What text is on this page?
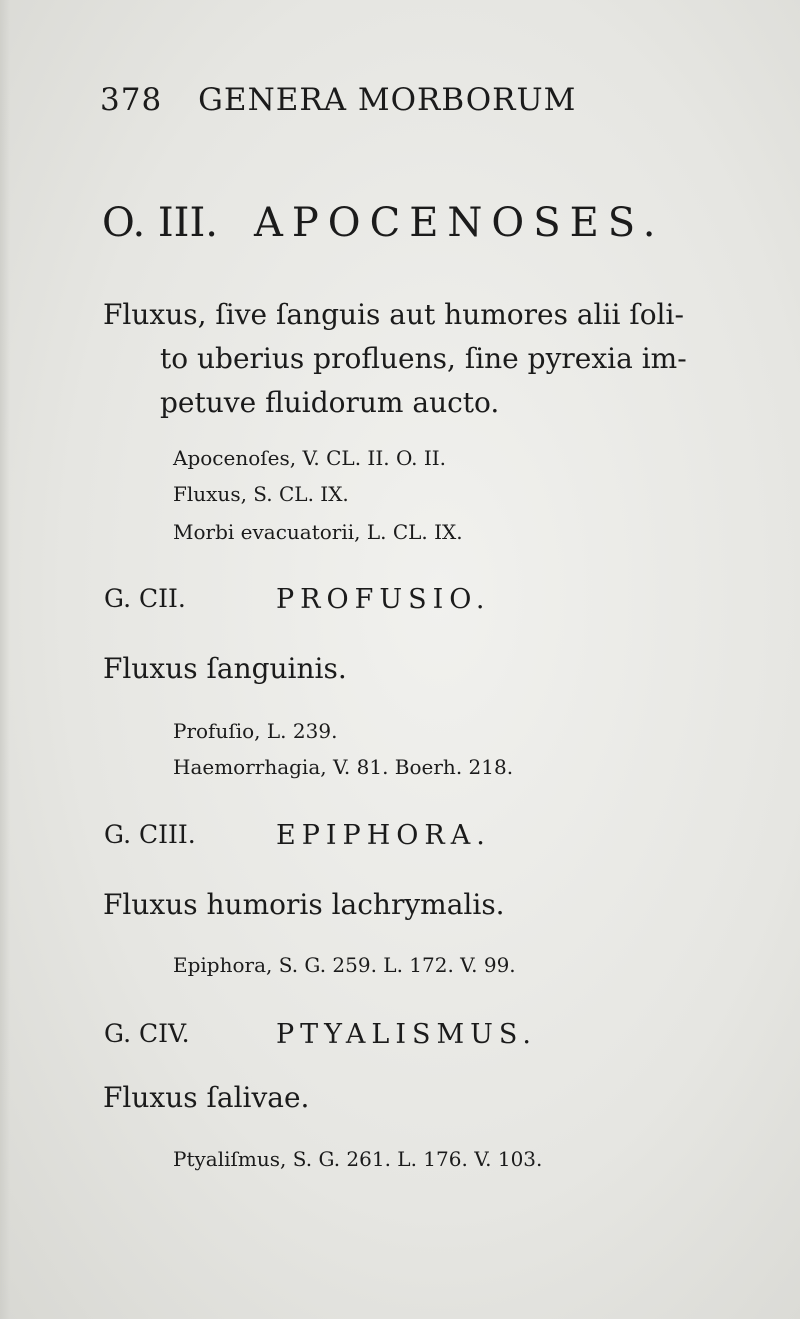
378 GENERA MORBORUM
O. III. APOCENOSES.
Fluxus, ſive ſanguis aut humores alii ſoli-
to uberius profluens, ſine pyrexia im-
petuve fluidorum aucto.
Apocenoſes, V. CL. II. O. II.
Fluxus, S. CL. IX.
Morbi evacuatorii, L. CL. IX.
G. CII.	PROFUSIO.
Fluxus ſanguinis.
Profuſio, L. 239.
Haemorrhagia, V. 81. Boerh. 218.
G. CIII.	EPIPHORA.
Fluxus humoris lachrymalis.
Epiphora, S. G. 259. L. 172. V. 99.
G. CIV.	PTYALISMUS.
Fluxus ſalivae.
Ptyaliſmus, S. G. 261. L. 176. V. 103.
